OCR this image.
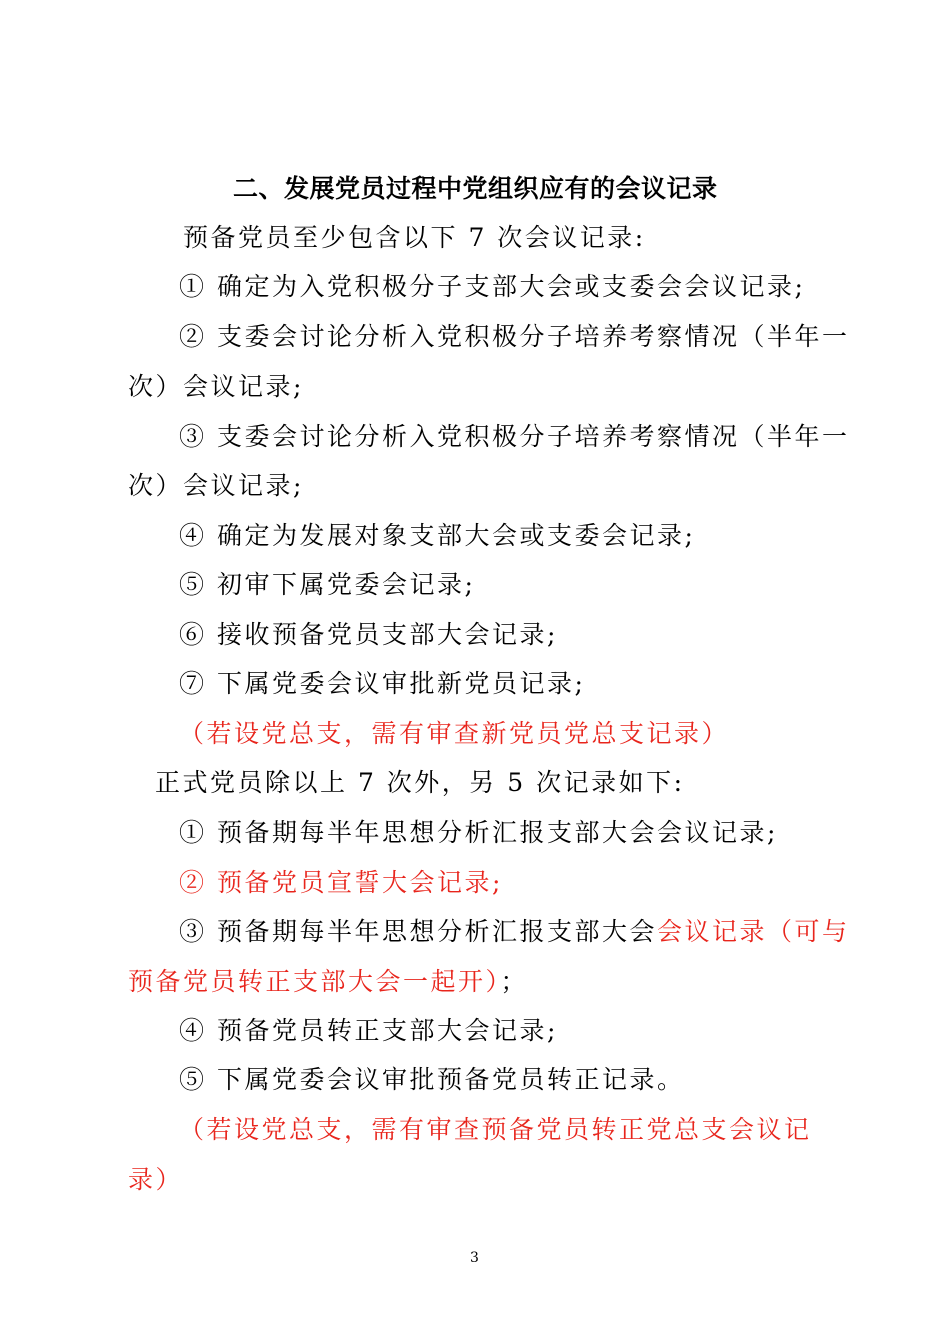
二、发展党员过程中党组织应有的会议记录
预备党员至少包含以下 7 次会议记录:
① 确定为入党积极分子支部大会或支委会会议记录;
② 支委会讨论分析入党积极分子培养考察情况（半年一
次）会议记录;
③ 支委会讨论分析入党积极分子培养考察情况（半年一
次）会议记录;
④ 确定为发展对象支部大会或支委会记录;
⑤ 初审下属党委会记录;
⑥ 接收预备党员支部大会记录;
⑦ 下属党委会议审批新党员记录;
（若设党总支，需有审查新党员党总支记录）
正式党员除以上 7 次外，另 5 次记录如下:
① 预备期每半年思想分析汇报支部大会会议记录;
② 预备党员宣誓大会记录;
③ 预备期每半年思想分析汇报支部大会会议记录（可与
预备党员转正支部大会一起开）；
④ 预备党员转正支部大会记录;
⑤ 下属党委会议审批预备党员转正记录。
（若设党总支，需有审查预备党员转正党总支会议记
录）
3
